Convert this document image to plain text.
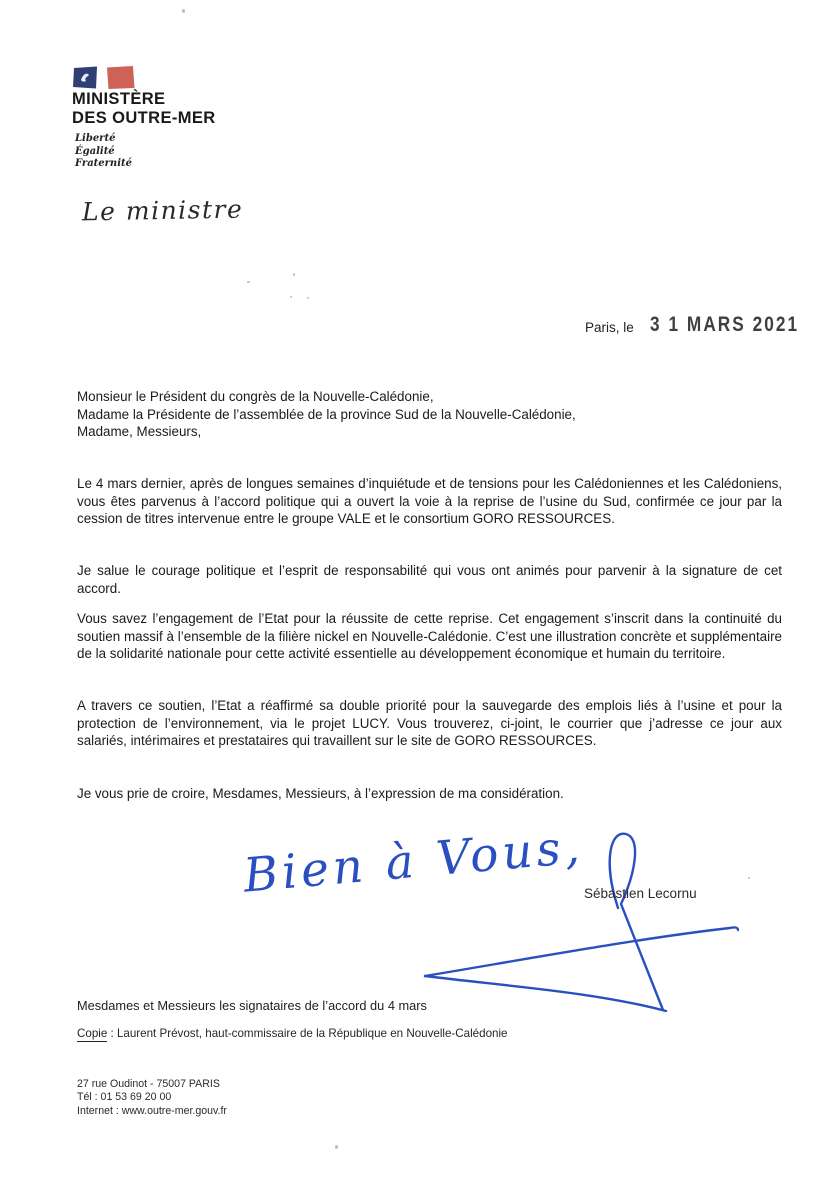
MINISTÈRE
DES OUTRE-MER
Liberté
Égalité
Fraternité
Le ministre
Paris, le 3 1 MARS 2021
Monsieur le Président du congrès de la Nouvelle-Calédonie,
Madame la Présidente de l’assemblée de la province Sud de la Nouvelle-Calédonie,
Madame, Messieurs,

Le 4 mars dernier, après de longues semaines d’inquiétude et de tensions pour les Calédoniennes et les Calédoniens, vous êtes parvenus à l’accord politique qui a ouvert la voie à la reprise de l’usine du Sud, confirmée ce jour par la cession de titres intervenue entre le groupe VALE et le consortium GORO RESSOURCES.

Je salue le courage politique et l’esprit de responsabilité qui vous ont animés pour parvenir à la signature de cet accord.

Vous savez l’engagement de l’Etat pour la réussite de cette reprise. Cet engagement s’inscrit dans la continuité du soutien massif à l’ensemble de la filière nickel en Nouvelle-Calédonie. C’est une illustration concrète et supplémentaire de la solidarité nationale pour cette activité essentielle au développement économique et humain du territoire.

A travers ce soutien, l’Etat a réaffirmé sa double priorité pour la sauvegarde des emplois liés à l’usine et pour la protection de l’environnement, via le projet LUCY. Vous trouverez, ci-joint, le courrier que j’adresse ce jour aux salariés, intérimaires et prestataires qui travaillent sur le site de GORO RESSOURCES.

Je vous prie de croire, Mesdames, Messieurs, à l’expression de ma considération.

Bien à Vous,
Sébastien Lecornu
Mesdames et Messieurs les signataires de l’accord du 4 mars
Copie : Laurent Prévost, haut-commissaire de la République en Nouvelle-Calédonie
27 rue Oudinot - 75007 PARIS
Tél : 01 53 69 20 00
Internet : www.outre-mer.gouv.fr
